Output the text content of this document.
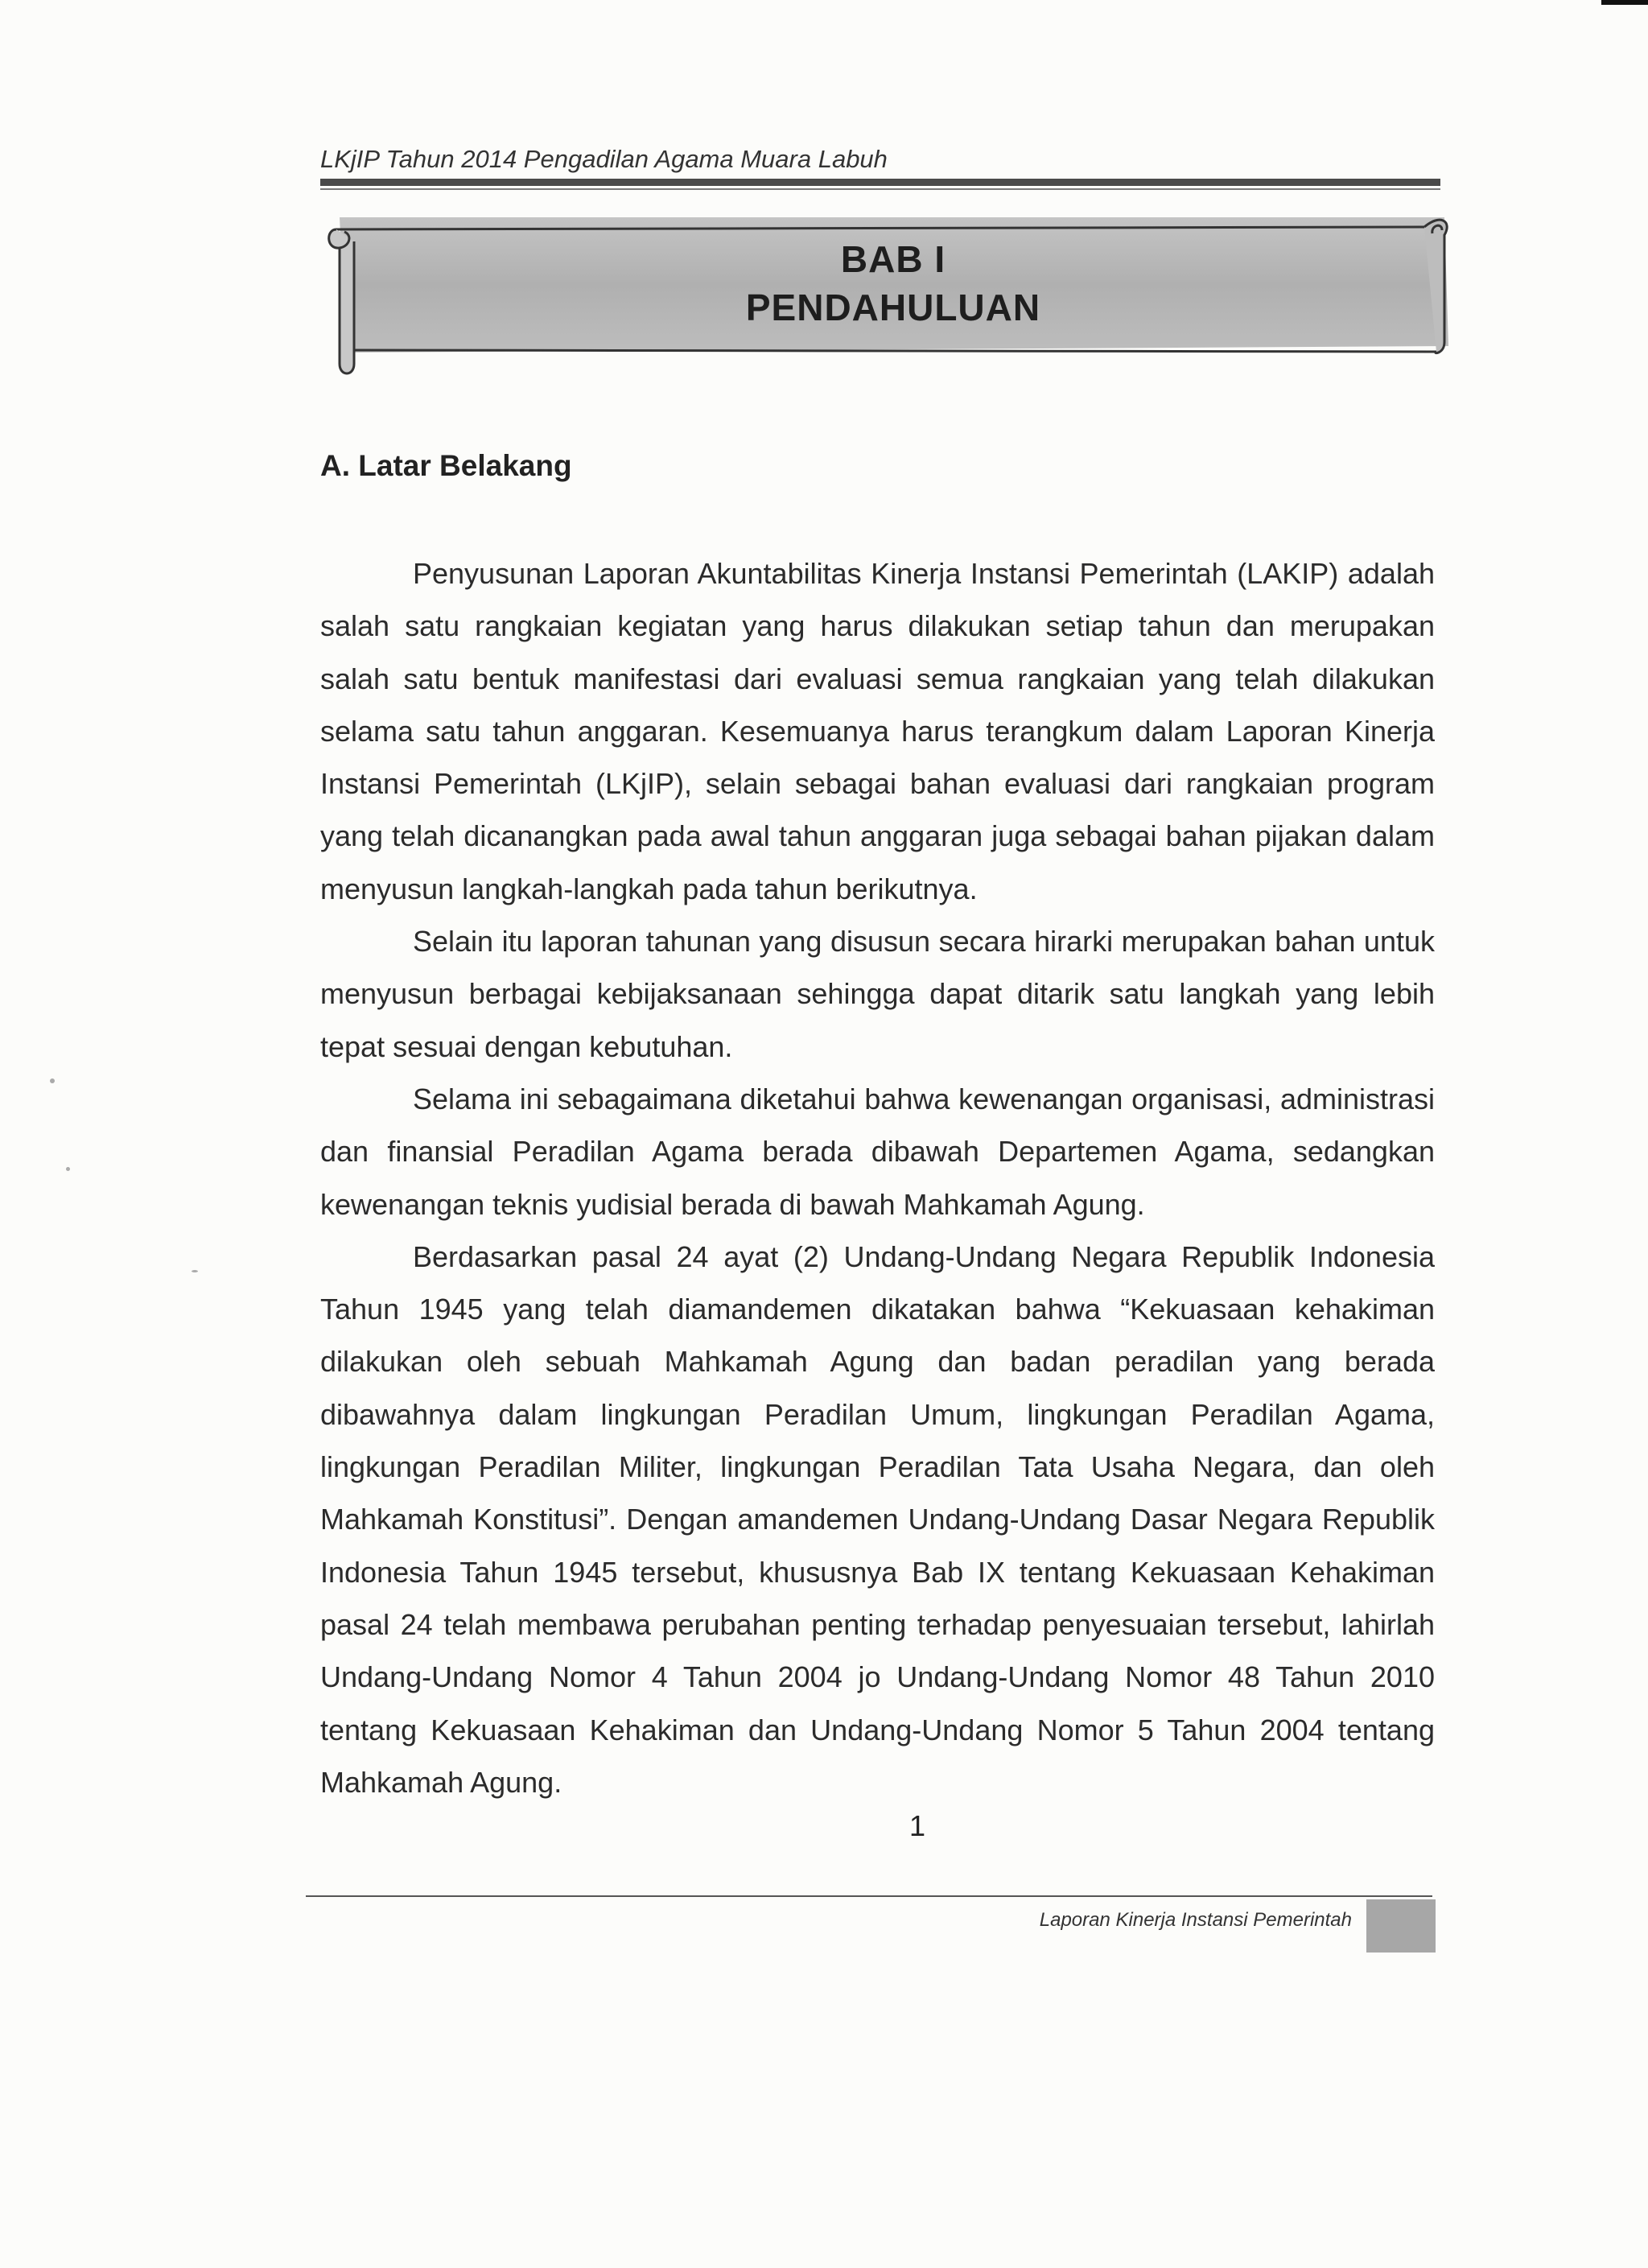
LKjIP Tahun 2014 Pengadilan Agama Muara Labuh
BAB I
PENDAHULUAN
A. Latar Belakang

Penyusunan Laporan Akuntabilitas Kinerja Instansi Pemerintah (LAKIP) adalah salah satu rangkaian kegiatan yang harus dilakukan setiap tahun dan merupakan salah satu bentuk manifestasi dari evaluasi semua rangkaian yang telah dilakukan selama satu tahun anggaran. Kesemuanya harus terangkum dalam Laporan Kinerja Instansi Pemerintah (LKjIP), selain sebagai bahan evaluasi dari rangkaian program yang telah dicanangkan pada awal tahun anggaran juga sebagai bahan pijakan dalam menyusun langkah-langkah pada tahun berikutnya.

Selain itu laporan tahunan yang disusun secara hirarki merupakan bahan untuk menyusun berbagai kebijaksanaan sehingga dapat ditarik satu langkah yang lebih tepat sesuai dengan kebutuhan.

Selama ini sebagaimana diketahui bahwa kewenangan organisasi, administrasi dan finansial Peradilan Agama berada dibawah Departemen Agama, sedangkan kewenangan teknis yudisial berada di bawah Mahkamah Agung.

Berdasarkan pasal 24 ayat (2) Undang-Undang Negara Republik Indonesia Tahun 1945 yang telah diamandemen dikatakan bahwa “Kekuasaan kehakiman dilakukan oleh sebuah Mahkamah Agung dan badan peradilan yang berada dibawahnya dalam lingkungan Peradilan Umum, lingkungan Peradilan Agama, lingkungan Peradilan Militer, lingkungan Peradilan Tata Usaha Negara, dan oleh Mahkamah Konstitusi”. Dengan amandemen Undang-Undang Dasar Negara Republik Indonesia Tahun 1945 tersebut, khususnya Bab IX tentang Kekuasaan Kehakiman pasal 24 telah membawa perubahan penting terhadap penyesuaian tersebut, lahirlah Undang-Undang Nomor 4 Tahun 2004 jo Undang-Undang Nomor 48 Tahun 2010 tentang Kekuasaan Kehakiman dan Undang-Undang Nomor 5 Tahun 2004 tentang Mahkamah Agung.

1
Laporan Kinerja Instansi Pemerintah
